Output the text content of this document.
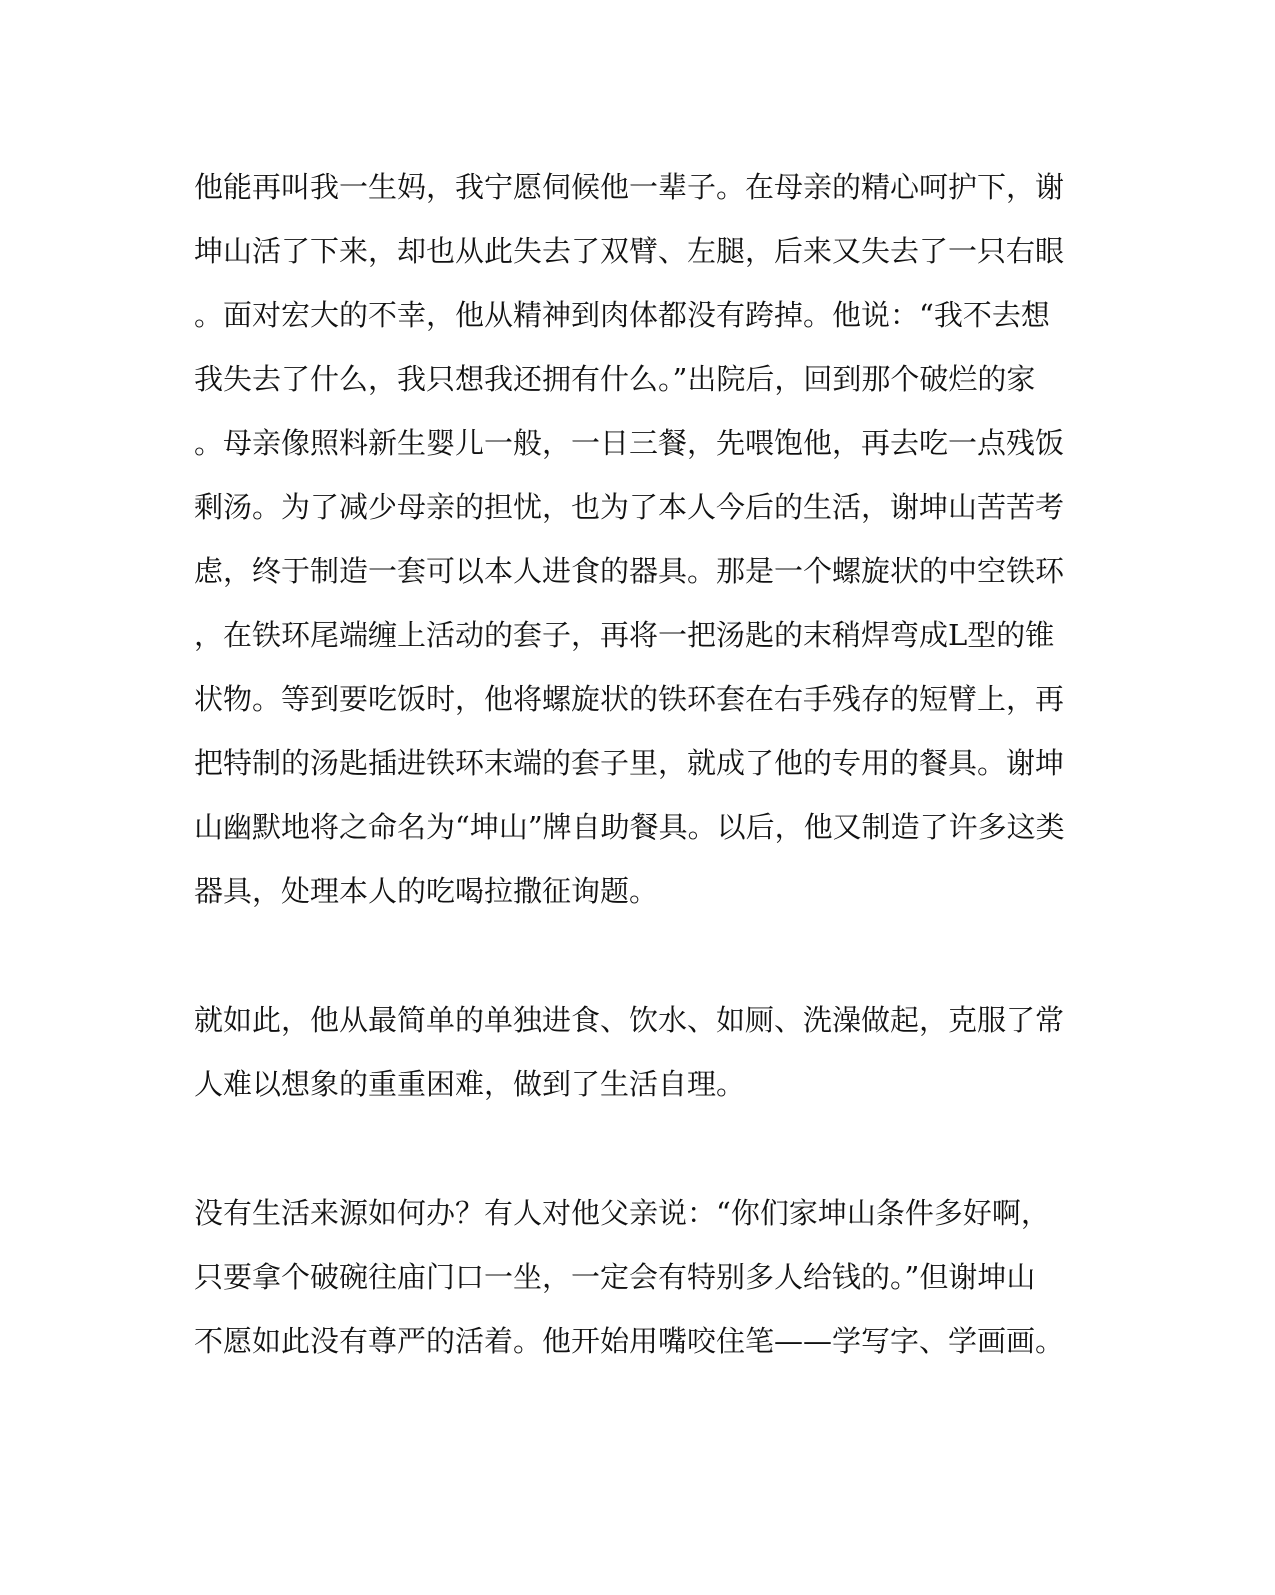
他能再叫我一生妈，我宁愿伺候他一辈子。在母亲的精心呵护下，谢
坤山活了下来，却也从此失去了双臂、左腿，后来又失去了一只右眼
。面对宏大的不幸，他从精神到肉体都没有跨掉。他说：“我不去想
我失去了什么，我只想我还拥有什么。”出院后，回到那个破烂的家
。母亲像照料新生婴儿一般，一日三餐，先喂饱他，再去吃一点残饭
剩汤。为了减少母亲的担忧，也为了本人今后的生活，谢坤山苦苦考
虑，终于制造一套可以本人进食的器具。那是一个螺旋状的中空铁环
，在铁环尾端缠上活动的套子，再将一把汤匙的末稍焊弯成L型的锥
状物。等到要吃饭时，他将螺旋状的铁环套在右手残存的短臂上，再
把特制的汤匙插进铁环末端的套子里，就成了他的专用的餐具。谢坤
山幽默地将之命名为“坤山”牌自助餐具。以后，他又制造了许多这类
器具，处理本人的吃喝拉撒征询题。

就如此，他从最简单的单独进食、饮水、如厕、洗澡做起，克服了常
人难以想象的重重困难，做到了生活自理。

没有生活来源如何办？有人对他父亲说：“你们家坤山条件多好啊，
只要拿个破碗往庙门口一坐，一定会有特别多人给钱的。”但谢坤山
不愿如此没有尊严的活着。他开始用嘴咬住笔——学写字、学画画。
